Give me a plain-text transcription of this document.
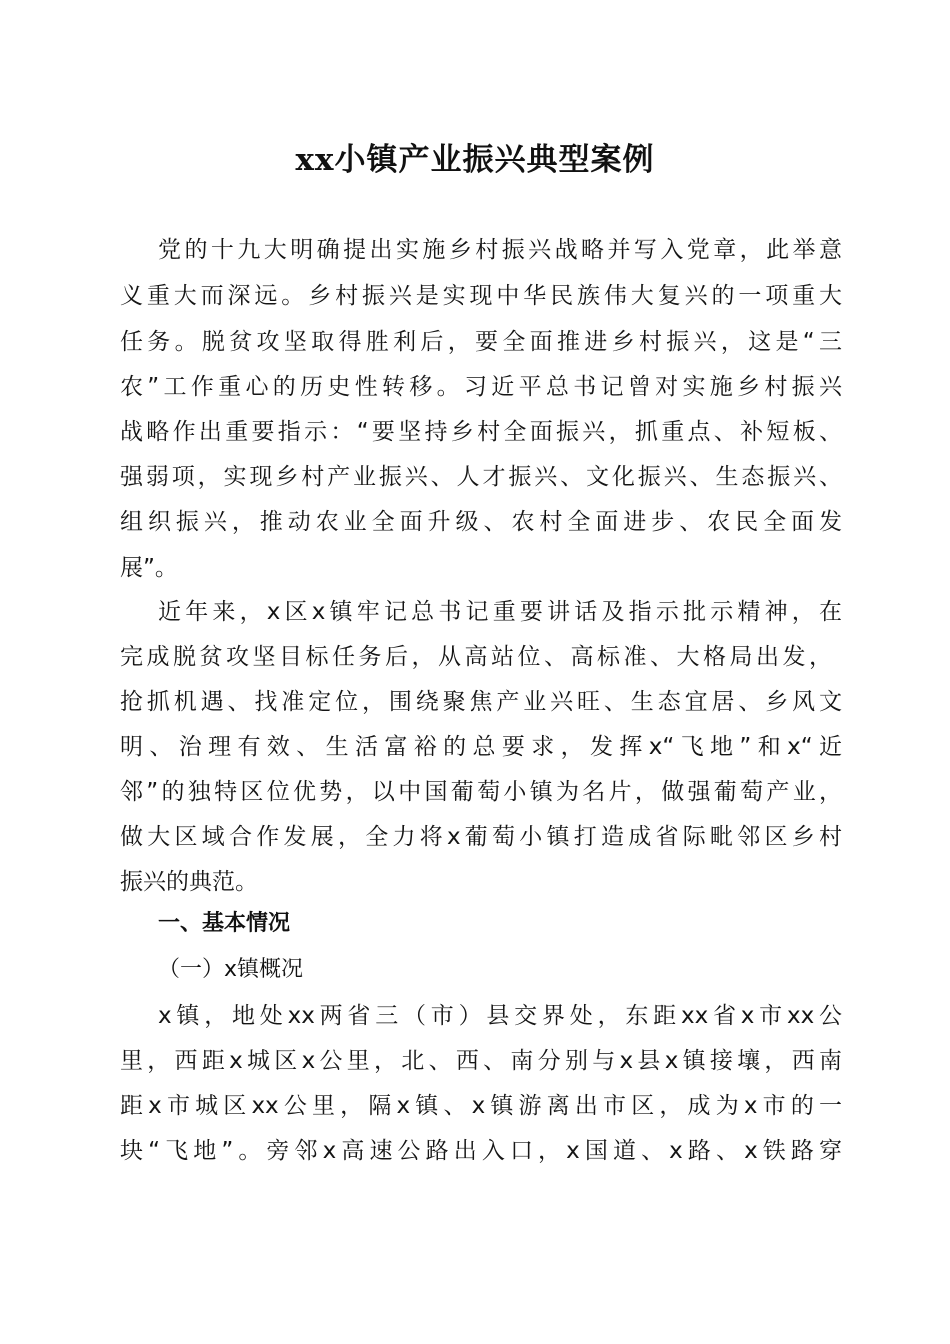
xx小镇产业振兴典型案例
党的十九大明确提出实施乡村振兴战略并写入党章，此举意
义重大而深远。乡村振兴是实现中华民族伟大复兴的一项重大
任务。脱贫攻坚取得胜利后，要全面推进乡村振兴，这是“三
农”工作重心的历史性转移。习近平总书记曾对实施乡村振兴
战略作出重要指示：“要坚持乡村全面振兴，抓重点、补短板、
强弱项，实现乡村产业振兴、人才振兴、文化振兴、生态振兴、
组织振兴，推动农业全面升级、农村全面进步、农民全面发
展”。
近年来，x区x镇牢记总书记重要讲话及指示批示精神，在
完成脱贫攻坚目标任务后，从高站位、高标准、大格局出发，
抢抓机遇、找准定位，围绕聚焦产业兴旺、生态宜居、乡风文
明、治理有效、生活富裕的总要求，发挥x“飞地”和x“近
邻”的独特区位优势，以中国葡萄小镇为名片，做强葡萄产业，
做大区域合作发展，全力将x葡萄小镇打造成省际毗邻区乡村
振兴的典范。
一、基本情况
（一）x镇概况
x镇，地处xx两省三（市）县交界处，东距xx省x市xx公
里，西距x城区x公里，北、西、南分别与x县x镇接壤，西南
距x市城区xx公里，隔x镇、x镇游离出市区，成为x市的一
块“飞地”。旁邻x高速公路出入口，x国道、x路、x铁路穿
